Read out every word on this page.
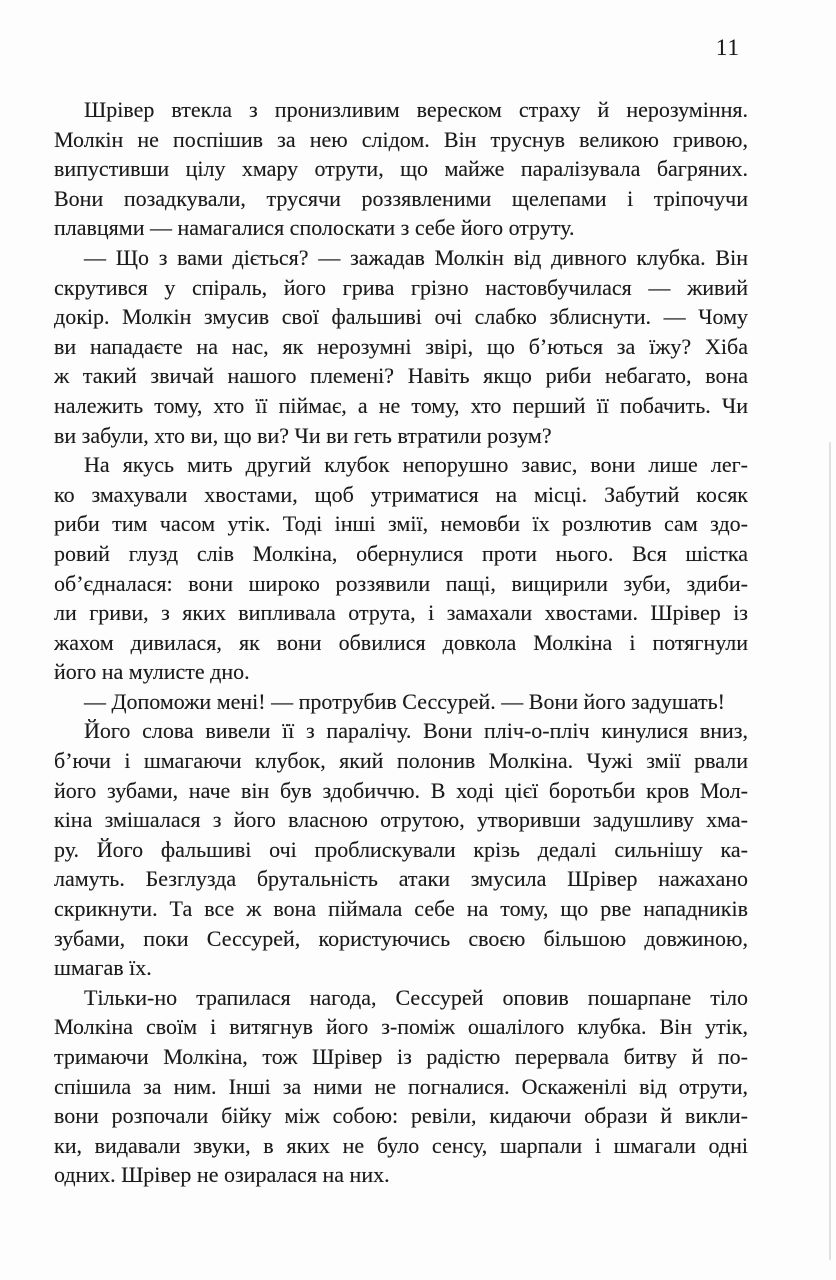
11

Шрівер втекла з пронизливим вереском страху й нерозуміння.
Молкін не поспішив за нею слідом. Він труснув великою гривою,
випустивши цілу хмару отрути, що майже паралізувала багряних.
Вони позадкували, трусячи роззявленими щелепами і тріпочучи
плавцями — намагалися сполоскати з себе його отруту.

— Що з вами діється? — зажадав Молкін від дивного клубка. Він
скрутився у спіраль, його грива грізно настовбучилася — живий
докір. Молкін змусив свої фальшиві очі слабко зблиснути. — Чому
ви нападаєте на нас, як нерозумні звірі, що б’ються за їжу? Хіба
ж такий звичай нашого племені? Навіть якщо риби небагато, вона
належить тому, хто її піймає, а не тому, хто перший її побачить. Чи
ви забули, хто ви, що ви? Чи ви геть втратили розум?

На якусь мить другий клубок непорушно завис, вони лише лег-
ко змахували хвостами, щоб утриматися на місці. Забутий косяк
риби тим часом утік. Тоді інші змії, немовби їх розлютив сам здо-
ровий глузд слів Молкіна, обернулися проти нього. Вся шістка
об’єдналася: вони широко роззявили пащі, вищирили зуби, здиби-
ли гриви, з яких випливала отрута, і замахали хвостами. Шрівер із
жахом дивилася, як вони обвилися довкола Молкіна і потягнули
його на мулисте дно.

— Допоможи мені! — протрубив Сессурей. — Вони його задушать!

Його слова вивели її з паралічу. Вони пліч-о-пліч кинулися вниз,
б’ючи і шмагаючи клубок, який полонив Молкіна. Чужі змії рвали
його зубами, наче він був здобиччю. В ході цієї боротьби кров Мол-
кіна змішалася з його власною отрутою, утворивши задушливу хма-
ру. Його фальшиві очі проблискували крізь дедалі сильнішу ка-
ламуть. Безглузда брутальність атаки змусила Шрівер нажахано
скрикнути. Та все ж вона піймала себе на тому, що рве нападників
зубами, поки Сессурей, користуючись своєю більшою довжиною,
шмагав їх.

Тільки-но трапилася нагода, Сессурей оповив пошарпане тіло
Молкіна своїм і витягнув його з-поміж ошалілого клубка. Він утік,
тримаючи Молкіна, тож Шрівер із радістю перервала битву й по-
спішила за ним. Інші за ними не погналися. Оскаженілі від отрути,
вони розпочали бійку між собою: ревіли, кидаючи образи й викли-
ки, видавали звуки, в яких не було сенсу, шарпали і шмагали одні
одних. Шрівер не озиралася на них.
